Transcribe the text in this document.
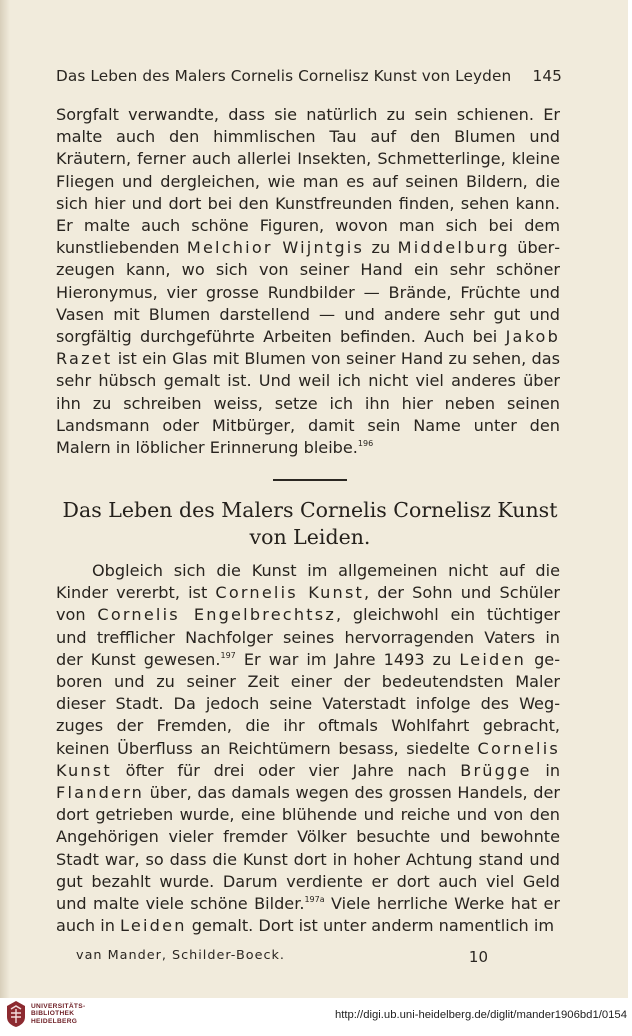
Das Leben des Malers Cornelis Cornelisz Kunst von Leyden 145

Sorgfalt verwandte, dass sie natürlich zu sein schienen. Er malte auch den himmlischen Tau auf den Blumen und Kräutern, ferner auch allerlei Insekten, Schmetterlinge, kleine Fliegen und dergleichen, wie man es auf seinen Bildern, die sich hier und dort bei den Kunstfreunden finden, sehen kann. Er malte auch schöne Figuren, wovon man sich bei dem kunstliebenden Melchior Wijntgis zu Middelburg überzeugen kann, wo sich von seiner Hand ein sehr schöner Hieronymus, vier grosse Rundbilder — Brände, Früchte und Vasen mit Blumen darstellend — und andere sehr gut und sorgfältig durchgeführte Arbeiten befinden. Auch bei Jakob Razet ist ein Glas mit Blumen von seiner Hand zu sehen, das sehr hübsch gemalt ist. Und weil ich nicht viel anderes über ihn zu schreiben weiss, setze ich ihn hier neben seinen Landsmann oder Mitbürger, damit sein Name unter den Malern in löblicher Erinnerung bleibe.$^{196}$

Das Leben des Malers Cornelis Cornelisz Kunst
von Leiden.

Obgleich sich die Kunst im allgemeinen nicht auf die Kinder vererbt, ist Cornelis Kunst, der Sohn und Schüler von Cornelis Engelbrechtsz, gleichwohl ein tüchtiger und trefflicher Nachfolger seines hervorragenden Vaters in der Kunst gewesen.$^{197}$ Er war im Jahre 1493 zu Leiden geboren und zu seiner Zeit einer der bedeutendsten Maler dieser Stadt. Da jedoch seine Vaterstadt infolge des Wegzuges der Fremden, die ihr oftmals Wohlfahrt gebracht, keinen Überfluss an Reichtümern besass, siedelte Cornelis Kunst öfter für drei oder vier Jahre nach Brügge in Flandern über, das damals wegen des grossen Handels, der dort getrieben wurde, eine blühende und reiche und von den Angehörigen vieler fremder Völker besuchte und bewohnte Stadt war, so dass die Kunst dort in hoher Achtung stand und gut bezahlt wurde. Darum verdiente er dort auch viel Geld und malte viele schöne Bilder.$^{197a}$ Viele herrliche Werke hat er auch in Leiden gemalt. Dort ist unter anderm namentlich im

van Mander, Schilder-Boeck.	10
UNIVERSITÄTS-
BIBLIOTHEK
HEIDELBERG
http://digi.ub.uni-heidelberg.de/diglit/mander1906bd1/0154
